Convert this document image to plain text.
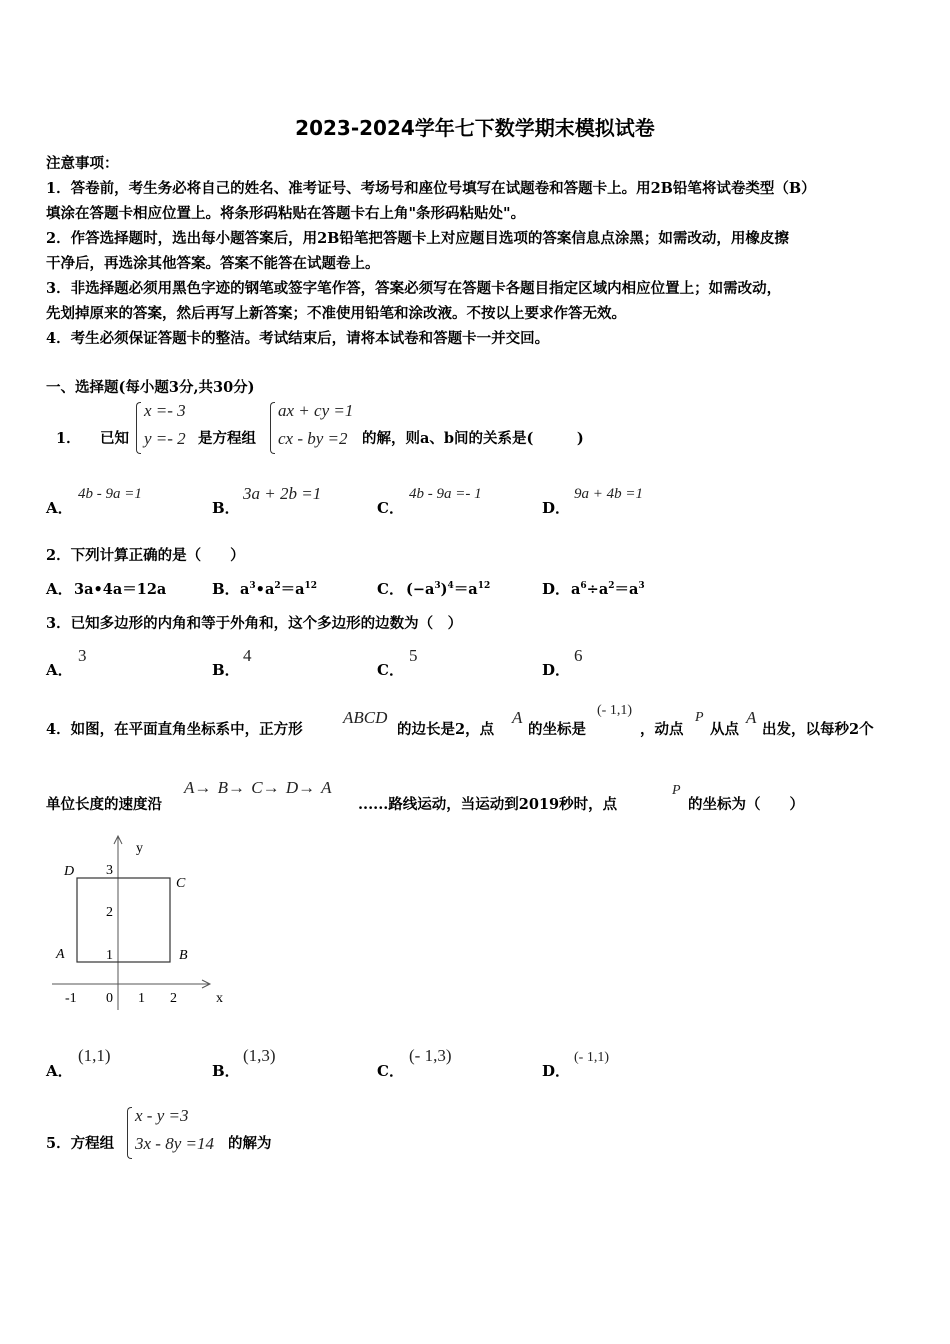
2023-2024学年七下数学期末模拟试卷
注意事项：
1．答卷前，考生务必将自己的姓名、准考证号、考场号和座位号填写在试题卷和答题卡上。用2B铅笔将试卷类型（B）
填涂在答题卡相应位置上。将条形码粘贴在答题卡右上角"条形码粘贴处"。
2．作答选择题时，选出每小题答案后，用2B铅笔把答题卡上对应题目选项的答案信息点涂黑；如需改动，用橡皮擦
干净后，再选涂其他答案。答案不能答在试题卷上。
3．非选择题必须用黑色字迹的钢笔或签字笔作答，答案必须写在答题卡各题目指定区域内相应位置上；如需改动，
先划掉原来的答案，然后再写上新答案；不准使用铅笔和涂改液。不按以上要求作答无效。
4．考生必须保证答题卡的整洁。考试结束后，请将本试卷和答题卡一并交回。
一、选择题(每小题3分,共30分)
1． 已知
x =- 3
y =- 2 是方程组
ax + cy =1
cx - by =2 的解，则a、b间的关系是(　　　)
A．
4b - 9a =1
B．
3a + 2b =1
C．
4b - 9a =- 1
D．
9a + 4b =1
2．下列计算正确的是（　　）
A． 3a•4a＝12a	B． $a^3•a^2=a^{12}$	C． $(-a^3)^4=a^{12}$	D． $a^6\div a^2=a^3$
3．已知多边形的内角和等于外角和，这个多边形的边数为（　）
A．
3
B．
4
C．
5
D．
6
4．如图，在平面直角坐标系中，正方形
ABCD
的边长是2，点
A
的坐标是
(- 1,1)
，动点
P
从点
A
出发，以每秒2个
单位长度的速度沿
A→ B→ C→ D→ A
......路线运动，当运动到2019秒时，点
P
的坐标为（　　）
D
C
A	B
y
x
3
2
1
-1 0 1 2
A．
(1,1)
B．
(1,3)
C．
(- 1,3)
D．
(- 1,1)
5．方程组
x - y =3
3x - 8y =14 的解为
